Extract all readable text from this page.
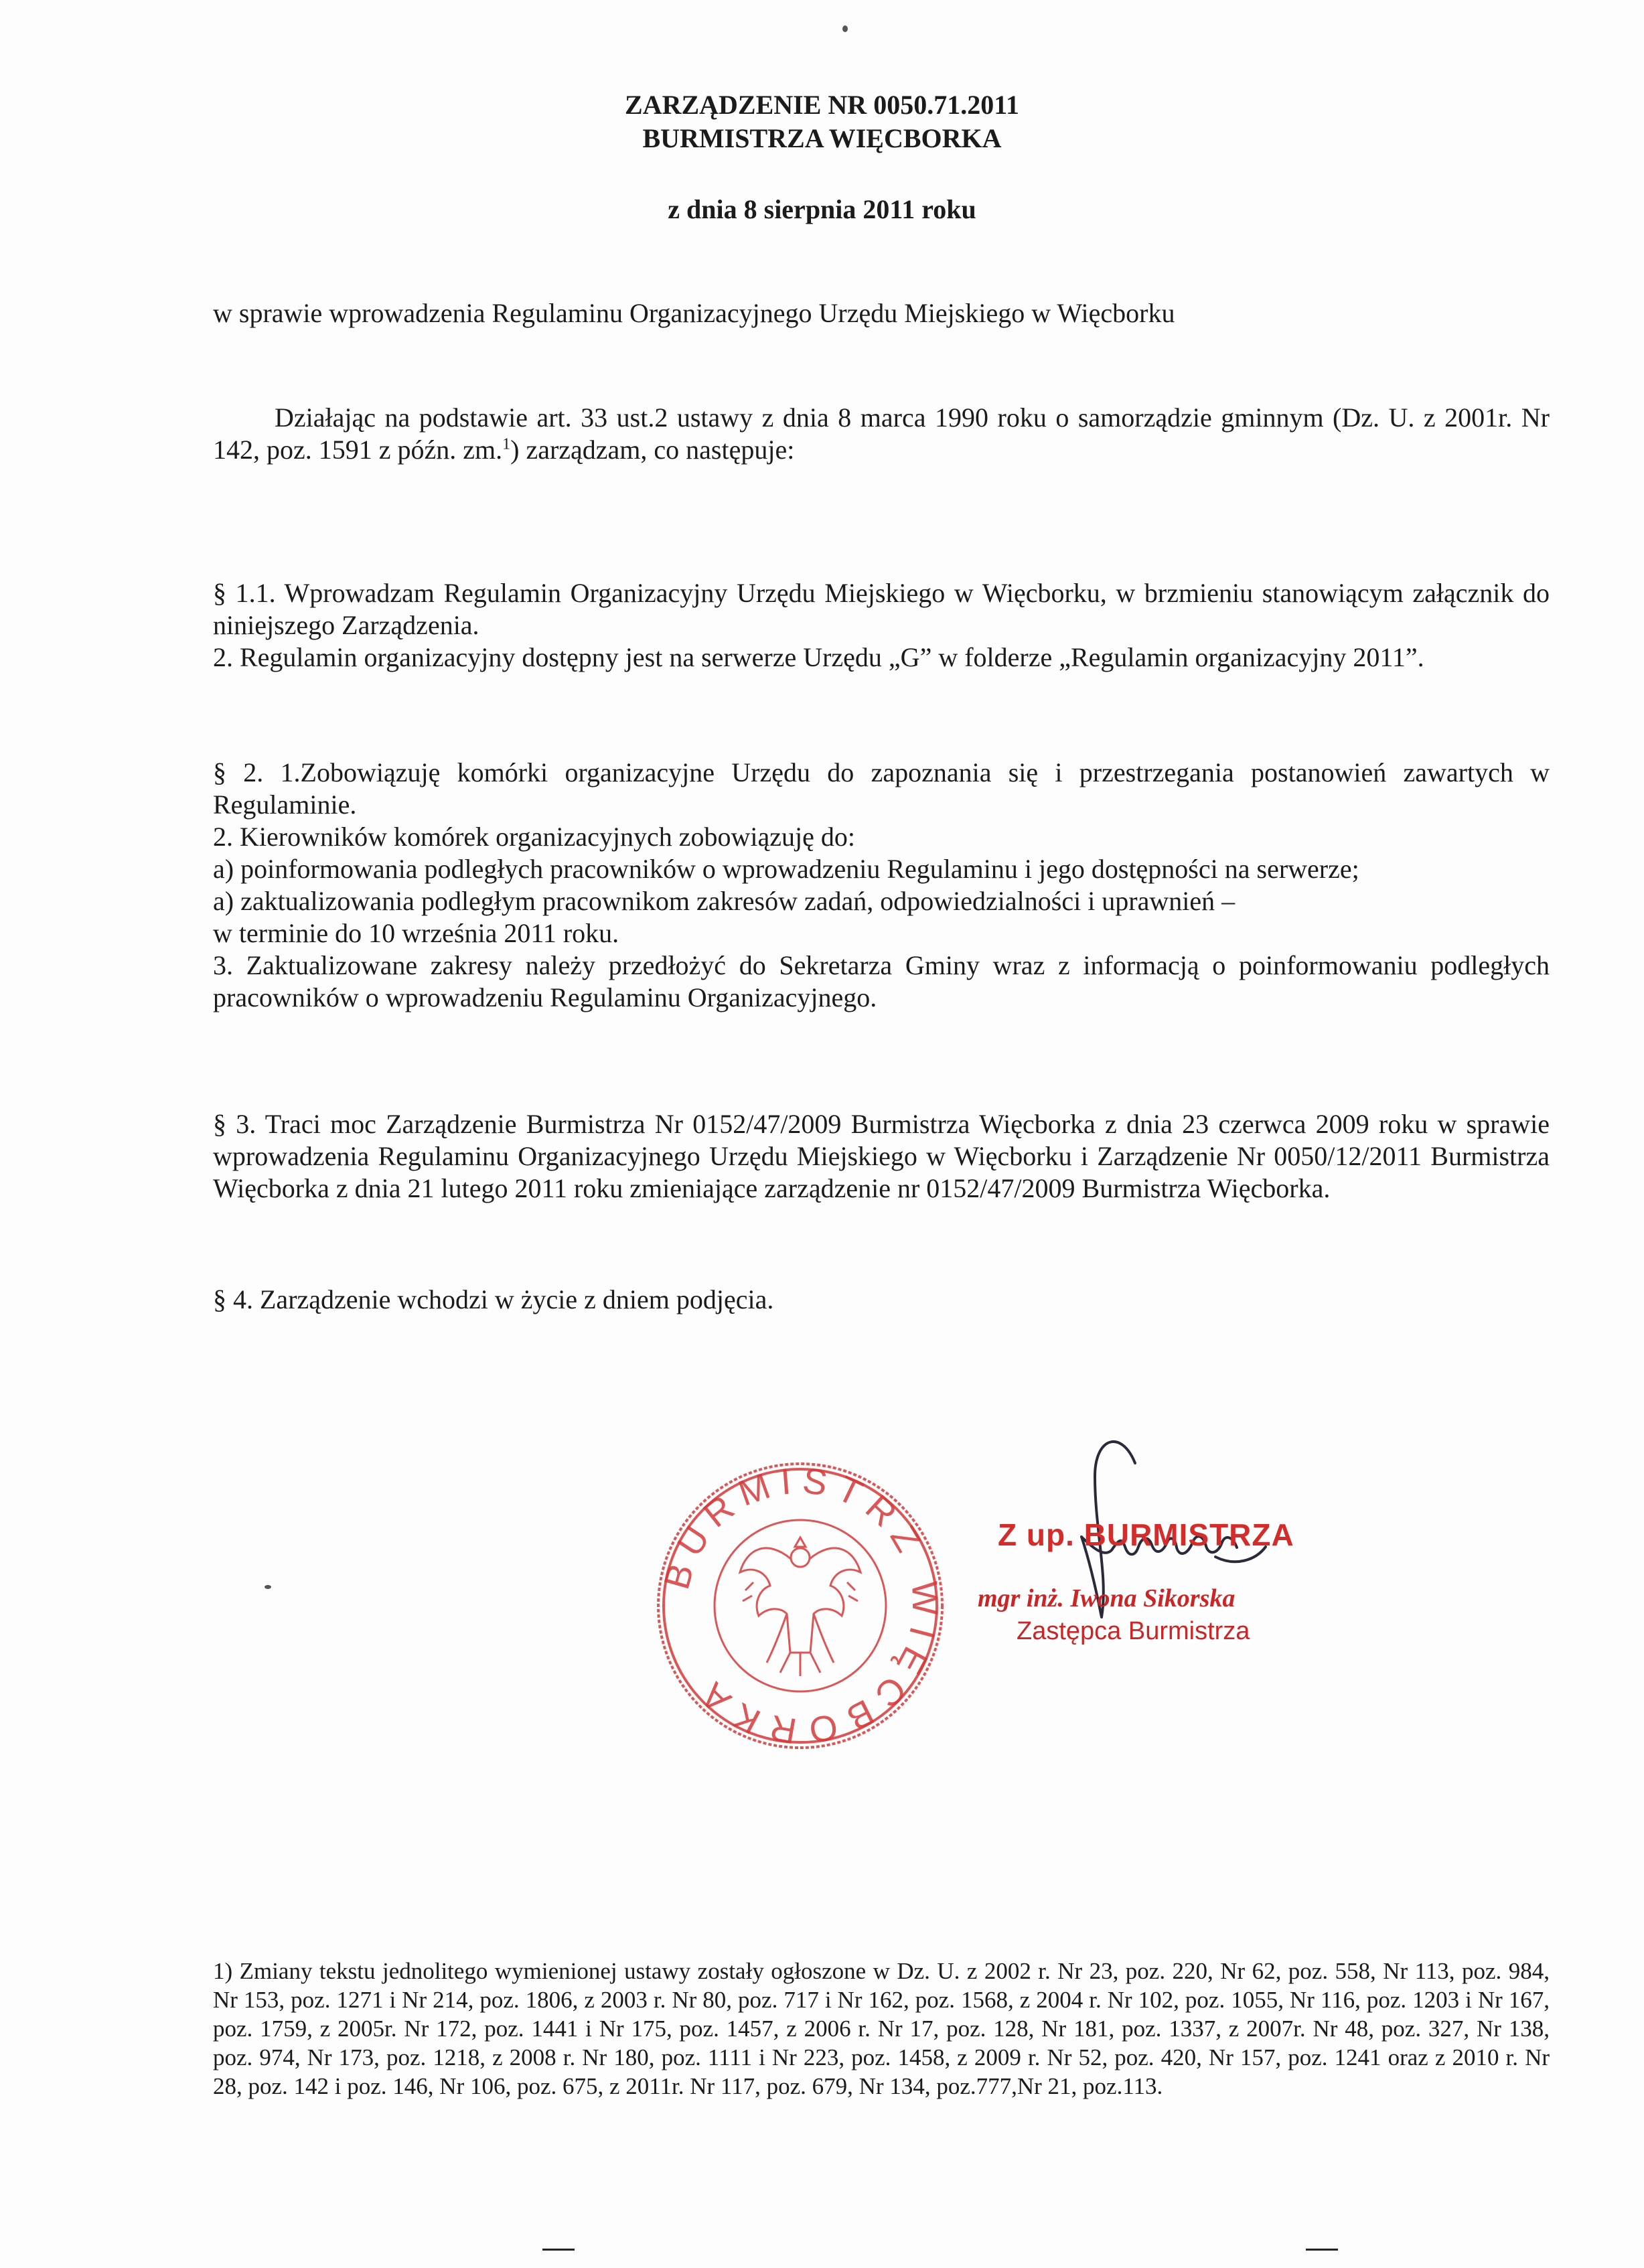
ZARZĄDZENIE NR 0050.71.2011
BURMISTRZA WIĘCBORKA
z dnia 8 sierpnia 2011 roku
w sprawie wprowadzenia Regulaminu Organizacyjnego Urzędu Miejskiego w Więcborku
Działając na podstawie art. 33 ust.2 ustawy z dnia 8 marca 1990 roku o samorządzie gminnym (Dz. U. z 2001r. Nr 142, poz. 1591 z późn. zm.$^1$) zarządzam, co następuje:

§ 1.1. Wprowadzam Regulamin Organizacyjny Urzędu Miejskiego w Więcborku, w brzmieniu stanowiącym załącznik do niniejszego Zarządzenia.

2. Regulamin organizacyjny dostępny jest na serwerze Urzędu „G” w folderze „Regulamin organizacyjny 2011”.

§ 2. 1.Zobowiązuję komórki organizacyjne Urzędu do zapoznania się i przestrzegania postanowień zawartych w Regulaminie.

2. Kierowników komórek organizacyjnych zobowiązuję do:

a) poinformowania podległych pracowników o wprowadzeniu Regulaminu i jego dostępności na serwerze;

a) zaktualizowania podległym pracownikom zakresów zadań, odpowiedzialności i uprawnień –

w terminie do 10 września 2011 roku.

3. Zaktualizowane zakresy należy przedłożyć do Sekretarza Gminy wraz z informacją o poinformowaniu podległych pracowników o wprowadzeniu Regulaminu Organizacyjnego.

§ 3. Traci moc Zarządzenie Burmistrza Nr 0152/47/2009 Burmistrza Więcborka z dnia 23 czerwca 2009 roku w sprawie wprowadzenia Regulaminu Organizacyjnego Urzędu Miejskiego w Więcborku i Zarządzenie Nr 0050/12/2011 Burmistrza Więcborka z dnia 21 lutego 2011 roku zmieniające zarządzenie nr 0152/47/2009 Burmistrza Więcborka.
§ 4. Zarządzenie wchodzi w życie z dniem podjęcia.
BURMISTRZ WIĘCBORKA
Z up. BURMISTRZA
mgr inż. Iwona Sikorska
Zastępca Burmistrza
1) Zmiany tekstu jednolitego wymienionej ustawy zostały ogłoszone w Dz. U. z 2002 r. Nr 23, poz. 220, Nr 62, poz. 558, Nr 113, poz. 984, Nr 153, poz. 1271 i Nr 214, poz. 1806, z 2003 r. Nr 80, poz. 717 i Nr 162, poz. 1568, z 2004 r. Nr 102, poz. 1055, Nr 116, poz. 1203 i Nr 167, poz. 1759, z 2005r. Nr 172, poz. 1441 i Nr 175, poz. 1457, z 2006 r. Nr 17, poz. 128, Nr 181, poz. 1337, z 2007r. Nr 48, poz. 327, Nr 138, poz. 974, Nr 173, poz. 1218, z 2008 r. Nr 180, poz. 1111 i Nr 223, poz. 1458, z 2009 r. Nr 52, poz. 420, Nr 157, poz. 1241 oraz z 2010 r. Nr 28, poz. 142 i poz. 146, Nr 106, poz. 675, z 2011r. Nr 117, poz. 679, Nr 134, poz.777,Nr 21, poz.113.
